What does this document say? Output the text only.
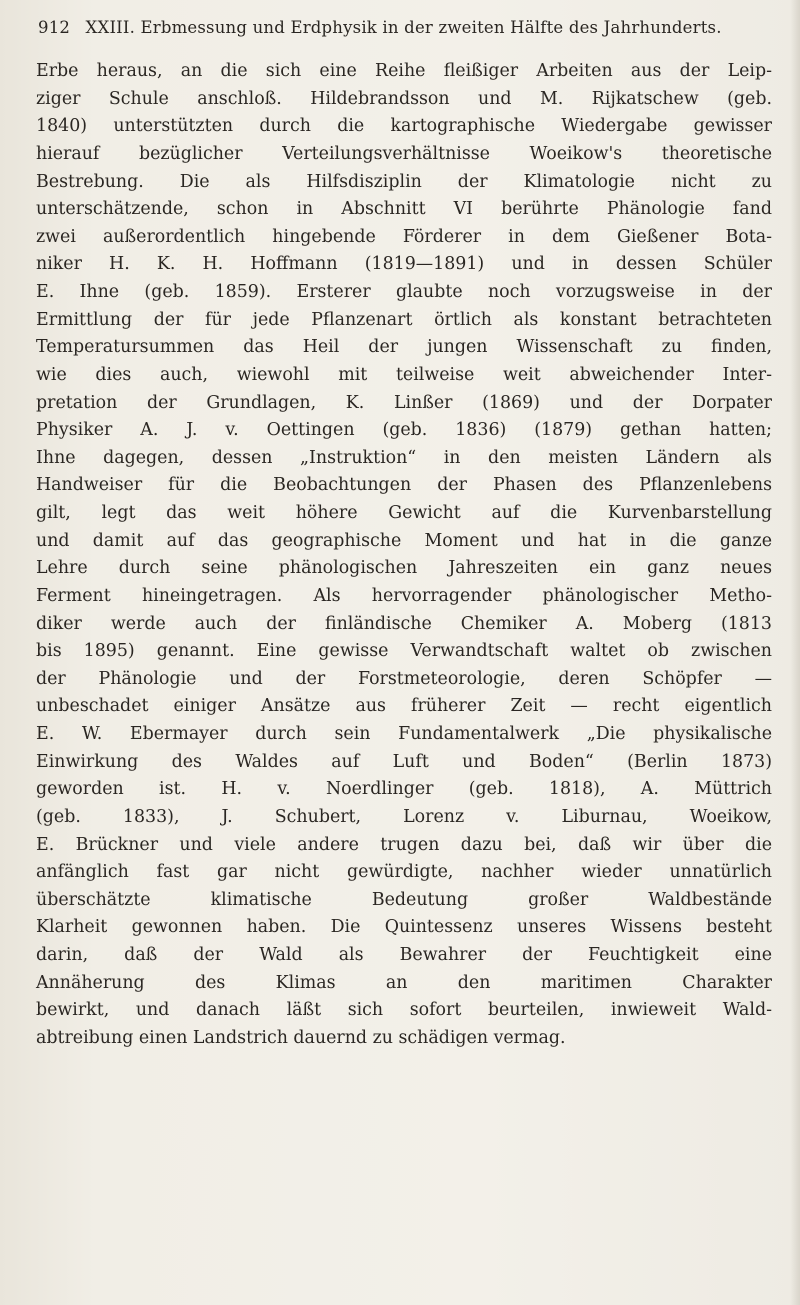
912 XXIII. Erbmessung und Erdphysik in der zweiten Hälfte des Jahrhunderts.
Erbe heraus, an die sich eine Reihe fleißiger Arbeiten aus der Leip-
ziger Schule anschloß. Hildebrandsson und M. Rijkatschew (geb.
1840) unterstützten durch die kartographische Wiedergabe gewisser
hierauf bezüglicher Verteilungsverhältnisse Woeikow's theoretische
Bestrebung. Die als Hilfsdisziplin der Klimatologie nicht zu
unterschätzende, schon in Abschnitt VI berührte Phänologie fand
zwei außerordentlich hingebende Förderer in dem Gießener Bota-
niker H. K. H. Hoffmann (1819—1891) und in dessen Schüler
E. Ihne (geb. 1859). Ersterer glaubte noch vorzugsweise in der
Ermittlung der für jede Pflanzenart örtlich als konstant betrachteten
Temperatursummen das Heil der jungen Wissenschaft zu finden,
wie dies auch, wiewohl mit teilweise weit abweichender Inter-
pretation der Grundlagen, K. Linßer (1869) und der Dorpater
Physiker A. J. v. Oettingen (geb. 1836) (1879) gethan hatten;
Ihne dagegen, dessen „Instruktion“ in den meisten Ländern als
Handweiser für die Beobachtungen der Phasen des Pflanzenlebens
gilt, legt das weit höhere Gewicht auf die Kurvenbarstellung
und damit auf das geographische Moment und hat in die ganze
Lehre durch seine phänologischen Jahreszeiten ein ganz neues
Ferment hineingetragen. Als hervorragender phänologischer Metho-
diker werde auch der finländische Chemiker A. Moberg (1813
bis 1895) genannt. Eine gewisse Verwandtschaft waltet ob zwischen
der Phänologie und der Forstmeteorologie, deren Schöpfer —
unbeschadet einiger Ansätze aus früherer Zeit — recht eigentlich
E. W. Ebermayer durch sein Fundamentalwerk „Die physikalische
Einwirkung des Waldes auf Luft und Boden“ (Berlin 1873)
geworden ist. H. v. Noerdlinger (geb. 1818), A. Müttrich
(geb. 1833), J. Schubert, Lorenz v. Liburnau, Woeikow,
E. Brückner und viele andere trugen dazu bei, daß wir über die
anfänglich fast gar nicht gewürdigte, nachher wieder unnatürlich
überschätzte klimatische Bedeutung großer Waldbestände
Klarheit gewonnen haben. Die Quintessenz unseres Wissens besteht
darin, daß der Wald als Bewahrer der Feuchtigkeit eine
Annäherung des Klimas an den maritimen Charakter
bewirkt, und danach läßt sich sofort beurteilen, inwieweit Wald-
abtreibung einen Landstrich dauernd zu schädigen vermag.
